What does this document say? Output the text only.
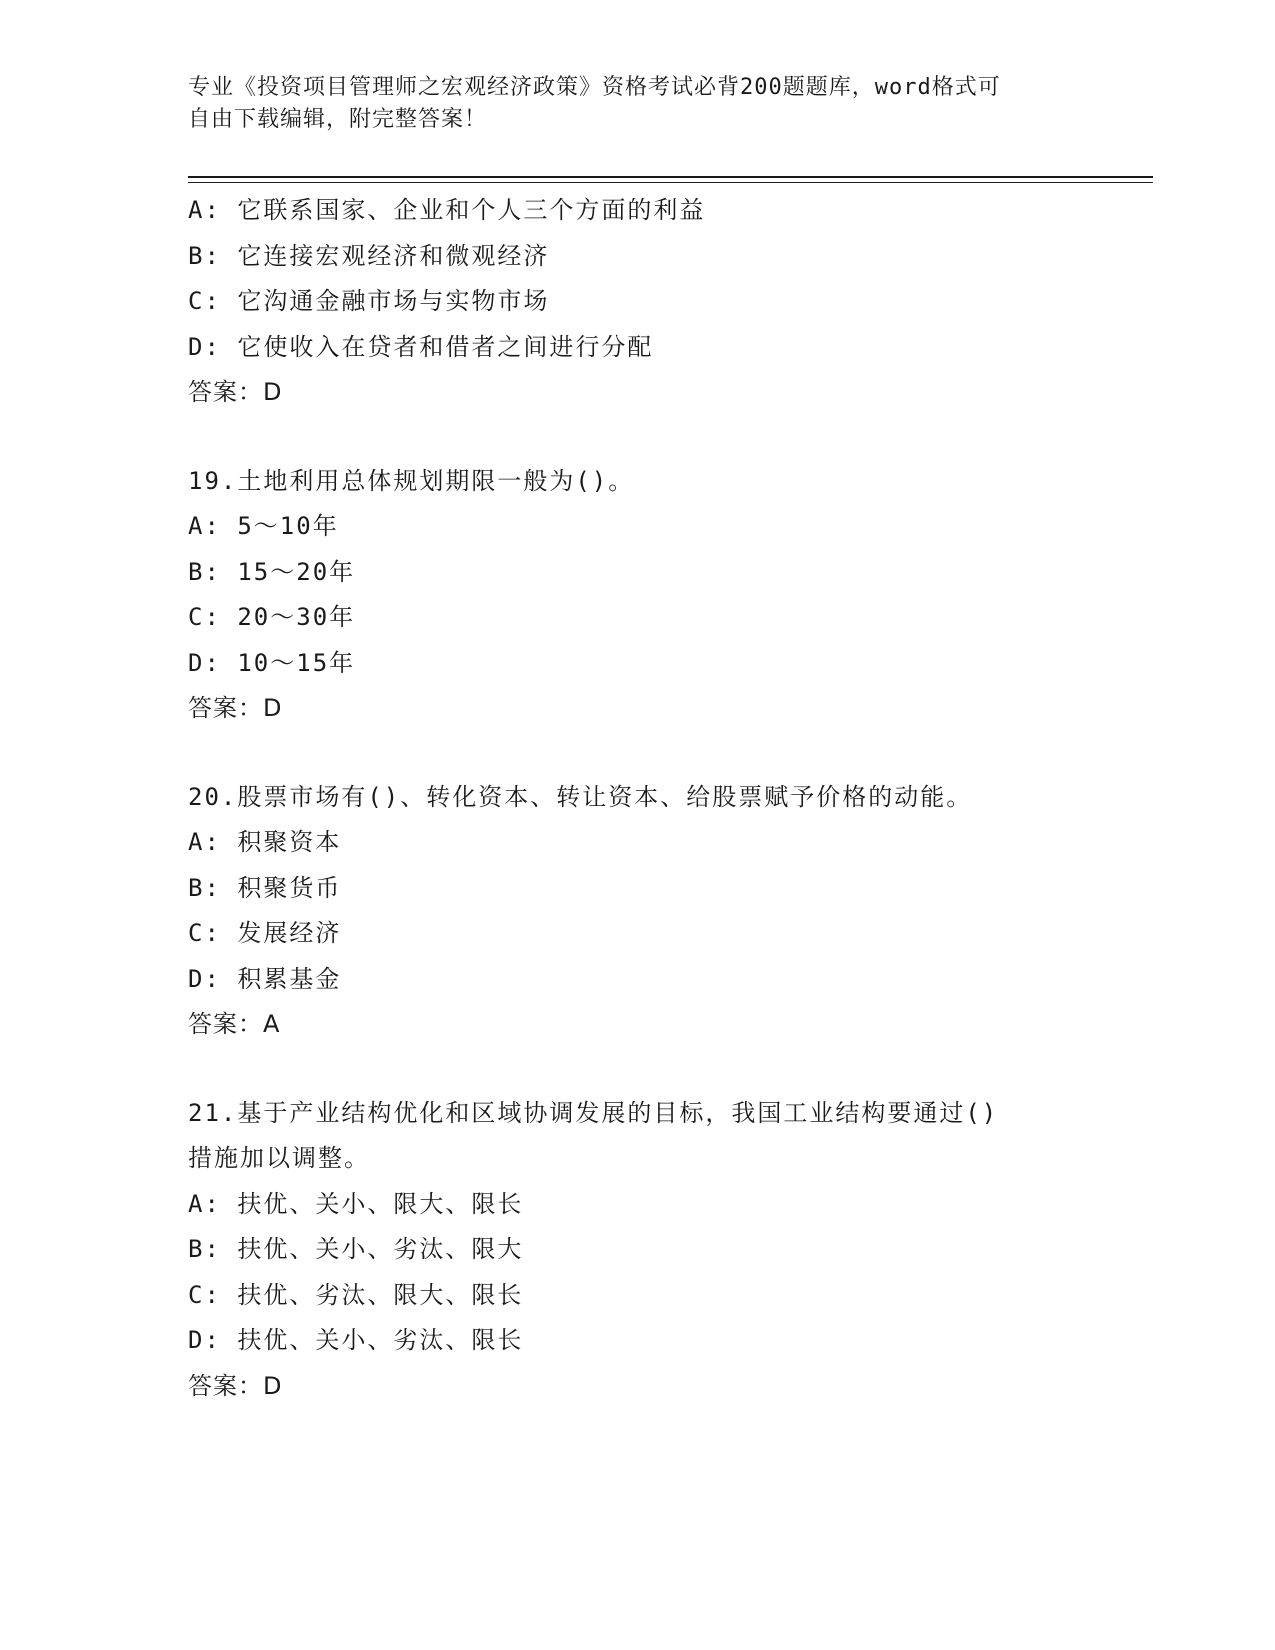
专业《投资项目管理师之宏观经济政策》资格考试必背200题题库，word格式可
自由下载编辑，附完整答案！
A: 它联系国家、企业和个人三个方面的利益
B: 它连接宏观经济和微观经济
C: 它沟通金融市场与实物市场
D: 它使收入在贷者和借者之间进行分配
答案：D
19.土地利用总体规划期限一般为()。
A: 5～10年
B: 15～20年
C: 20～30年
D: 10～15年
答案：D
20.股票市场有()、转化资本、转让资本、给股票赋予价格的动能。
A: 积聚资本
B: 积聚货币
C: 发展经济
D: 积累基金
答案：A
21.基于产业结构优化和区域协调发展的目标，我国工业结构要通过()
措施加以调整。
A: 扶优、关小、限大、限长
B: 扶优、关小、劣汰、限大
C: 扶优、劣汰、限大、限长
D: 扶优、关小、劣汰、限长
答案：D
